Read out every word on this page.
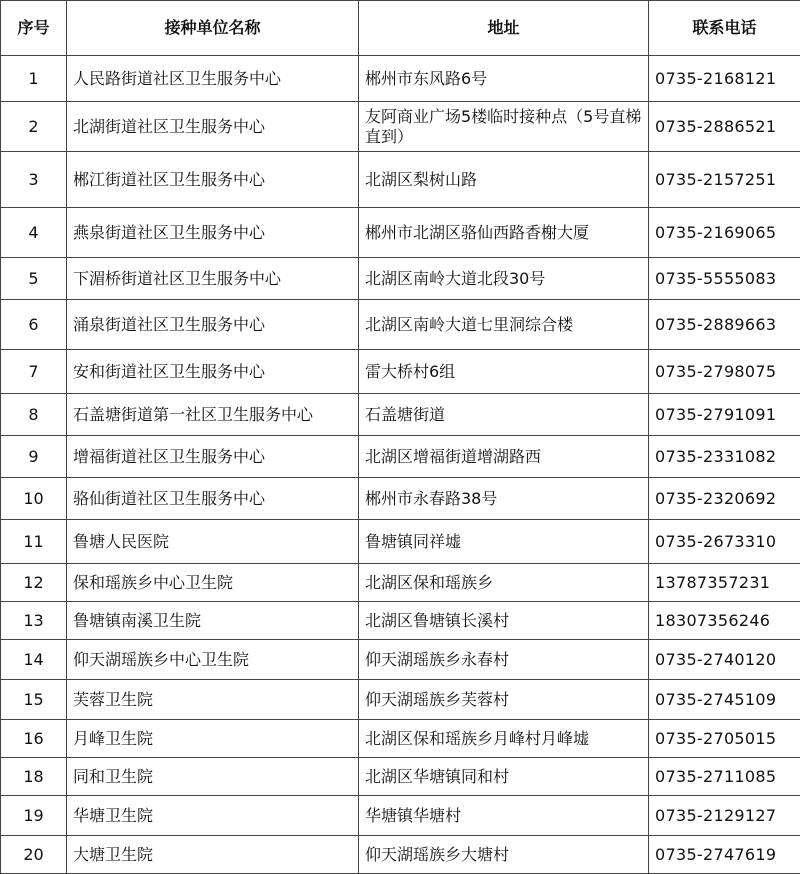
序号	接种单位名称	地址	联系电话
1	人民路街道社区卫生服务中心	郴州市东风路6号	0735-2168121
2	北湖街道社区卫生服务中心	友阿商业广场5楼临时接种点（5号直梯直到）	0735-2886521
3	郴江街道社区卫生服务中心	北湖区梨树山路	0735-2157251
4	燕泉街道社区卫生服务中心	郴州市北湖区骆仙西路香榭大厦	0735-2169065
5	下湄桥街道社区卫生服务中心	北湖区南岭大道北段30号	0735-5555083
6	涌泉街道社区卫生服务中心	北湖区南岭大道七里洞综合楼	0735-2889663
7	安和街道社区卫生服务中心	雷大桥村6组	0735-2798075
8	石盖塘街道第一社区卫生服务中心	石盖塘街道	0735-2791091
9	增福街道社区卫生服务中心	北湖区增福街道增湖路西	0735-2331082
10	骆仙街道社区卫生服务中心	郴州市永春路38号	0735-2320692
11	鲁塘人民医院	鲁塘镇同祥墟	0735-2673310
12	保和瑶族乡中心卫生院	北湖区保和瑶族乡	13787357231
13	鲁塘镇南溪卫生院	北湖区鲁塘镇长溪村	18307356246
14	仰天湖瑶族乡中心卫生院	仰天湖瑶族乡永春村	0735-2740120
15	芙蓉卫生院	仰天湖瑶族乡芙蓉村	0735-2745109
16	月峰卫生院	北湖区保和瑶族乡月峰村月峰墟	0735-2705015
18	同和卫生院	北湖区华塘镇同和村	0735-2711085
19	华塘卫生院	华塘镇华塘村	0735-2129127
20	大塘卫生院	仰天湖瑶族乡大塘村	0735-2747619
